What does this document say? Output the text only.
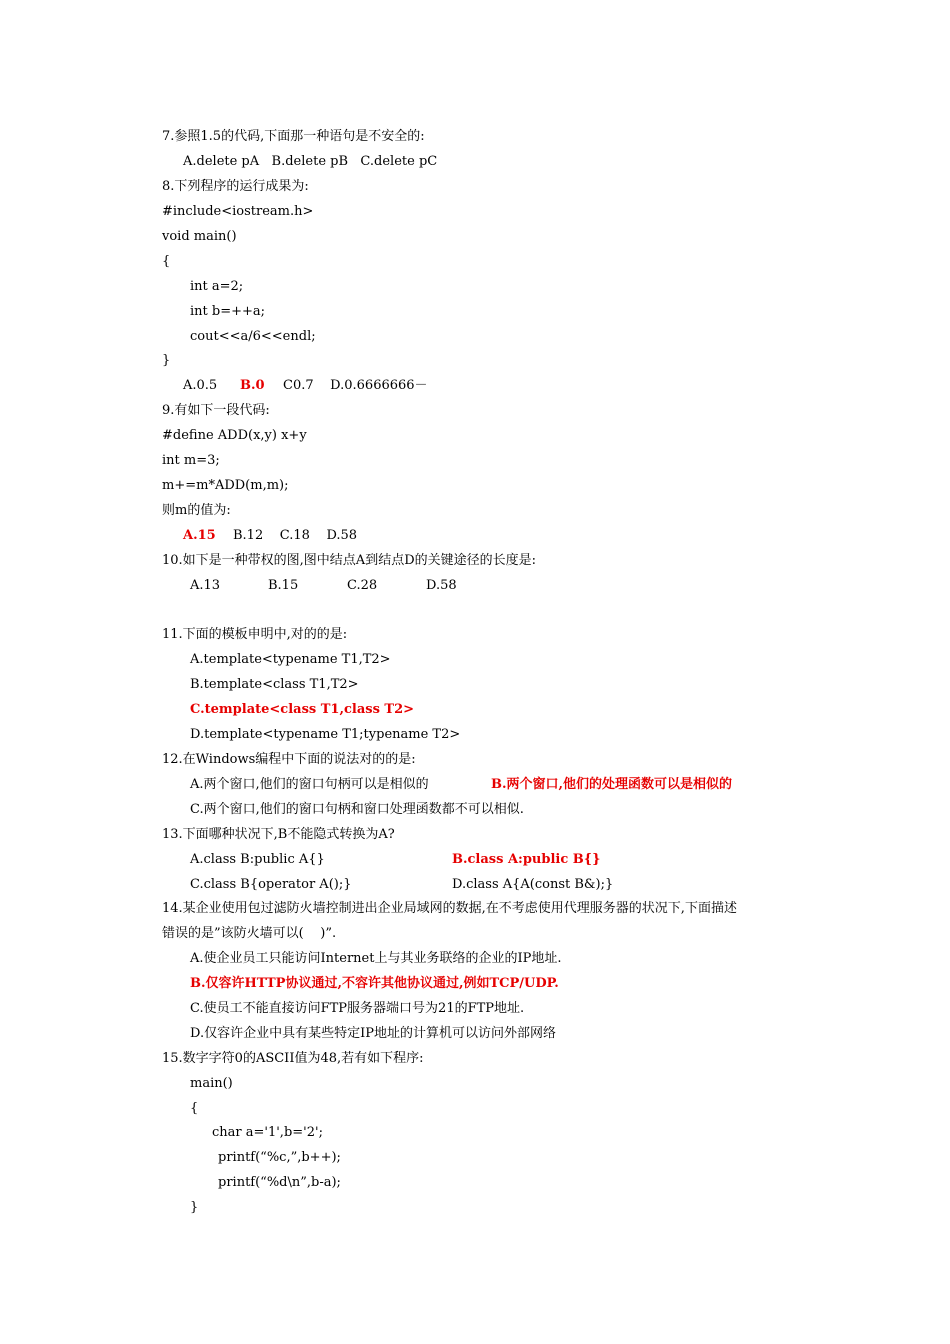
7.参照1.5的代码,下面那一种语句是不安全的:
A.delete pA   B.delete pB   C.delete pC
8.下列程序的运行成果为:
#include<iostream.h>
void main()
{
int a=2;
int b=++a;
cout<<a/6<<endl;
}
A.0.5 B.0 C0.7    D.0.6666666－
9.有如下一段代码:
#define ADD(x,y) x+y
int m=3;
m+=m*ADD(m,m);
则m的值为:
A.15 B.12    C.18    D.58
10.如下是一种带权的图,图中结点A到结点D的关键途径的长度是:
A.13	B.15	C.28	D.58
11.下面的模板申明中,对的的是:
A.template<typename T1,T2>
B.template<class T1,T2>
C.template<class T1,class T2>
D.template<typename T1;typename T2>
12.在Windows编程中下面的说法对的的是:
A.两个窗口,他们的窗口句柄可以是相似的	B.两个窗口,他们的处理函数可以是相似的
C.两个窗口,他们的窗口句柄和窗口处理函数都不可以相似.
13.下面哪种状况下,B不能隐式转换为A?
A.class B:public A{}	B.class A:public B{}
C.class B{operator A();}	D.class A{A(const B&);}
14.某企业使用包过滤防火墙控制进出企业局域网的数据,在不考虑使用代理服务器的状况下,下面描述
错误的是”该防火墙可以(    )”.
A.使企业员工只能访问Internet上与其业务联络的企业的IP地址.
B.仅容许HTTP协议通过,不容许其他协议通过,例如TCP/UDP.
C.使员工不能直接访问FTP服务器端口号为21的FTP地址.
D.仅容许企业中具有某些特定IP地址的计算机可以访问外部网络
15.数字字符0的ASCII值为48,若有如下程序:
main()
{
char a='1',b='2';
printf(“%c,”,b++);
printf(“%d\n”,b-a);
}
